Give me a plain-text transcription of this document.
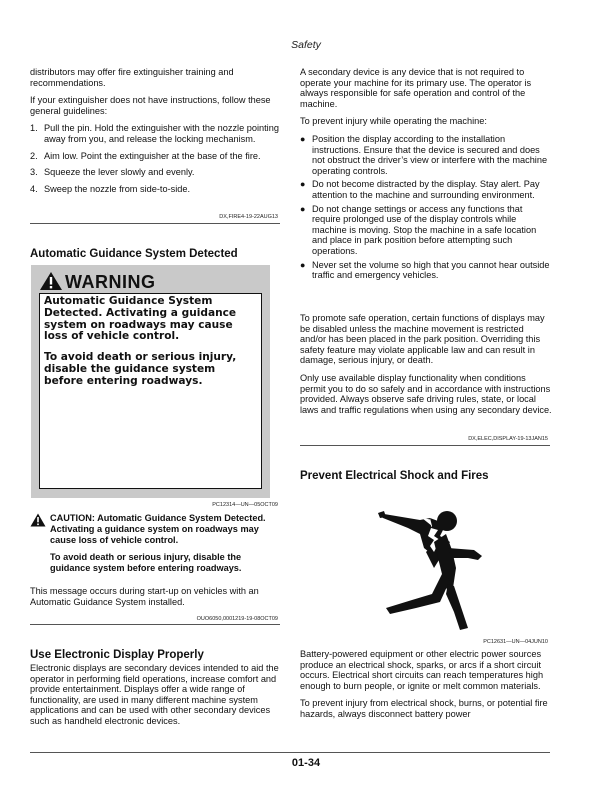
Safety

distributors may offer fire extinguisher training and recommendations.

If your extinguisher does not have instructions, follow these general guidelines:

1. Pull the pin. Hold the extinguisher with the nozzle pointing away from you, and release the locking mechanism.
2. Aim low. Point the extinguisher at the base of the fire.
3. Squeeze the lever slowly and evenly.
4. Sweep the nozzle from side-to-side.
DX,FIRE4-19-22AUG13
Automatic Guidance System Detected
WARNING

Automatic Guidance System Detected. Activating a guidance system on roadways may cause loss of vehicle control.

To avoid death or serious injury, disable the guidance system before entering roadways.

PC12314—UN—05OCT09

CAUTION: Automatic Guidance System Detected. Activating a guidance system on roadways may cause loss of vehicle control.

To avoid death or serious injury, disable the guidance system before entering roadways.

This message occurs during start-up on vehicles with an Automatic Guidance System installed.

OUO6050,0001219-19-08OCT09
Use Electronic Display Properly

Electronic displays are secondary devices intended to aid the operator in performing field operations, increase comfort and provide entertainment. Displays offer a wide range of functionality, are used in many different machine system applications and can be used with other secondary devices such as handheld electronic devices.

A secondary device is any device that is not required to operate your machine for its primary use. The operator is always responsible for safe operation and control of the machine.

To prevent injury while operating the machine:

● Position the display according to the installation instructions. Ensure that the device is secured and does not obstruct the driver’s view or interfere with the machine operating controls.
● Do not become distracted by the display. Stay alert. Pay attention to the machine and surrounding environment.
● Do not change settings or access any functions that require prolonged use of the display controls while machine is moving. Stop the machine in a safe location and place in park position before attempting such operations.
● Never set the volume so high that you cannot hear outside traffic and emergency vehicles.

To promote safe operation, certain functions of displays may be disabled unless the machine movement is restricted and/or has been placed in the park position. Overriding this safety feature may violate applicable law and can result in damage, serious injury, or death.

Only use available display functionality when conditions permit you to do so safely and in accordance with instructions provided. Always observe safe driving rules, state, or local laws and traffic regulations when using any secondary device.

DX,ELEC,DISPLAY-19-13JAN15
Prevent Electrical Shock and Fires
PC12631—UN—04JUN10

Battery-powered equipment or other electric power sources produce an electrical shock, sparks, or arcs if a short circuit occurs. Electrical short circuits can reach temperatures high enough to burn people, or ignite or melt common materials.

To prevent injury from electrical shock, burns, or potential fire hazards, always disconnect battery power

01-34
